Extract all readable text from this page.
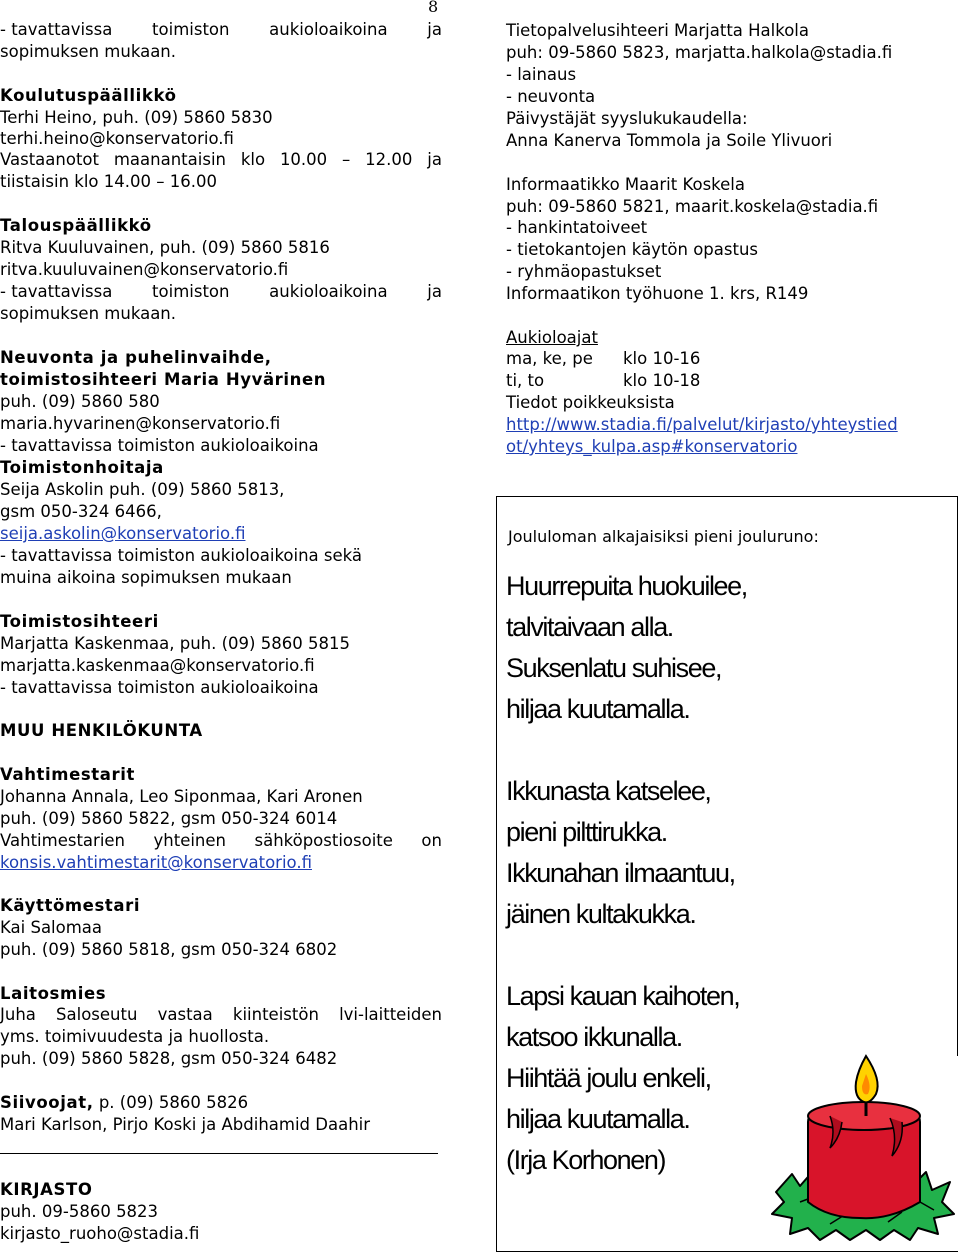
8
- tavattavissa toimiston aukioloaikoina ja
sopimuksen mukaan.
Koulutuspäällikkö
Terhi Heino, puh. (09) 5860 5830
terhi.heino@konservatorio.fi
Vastaanotot maanantaisin klo 10.00 – 12.00 ja
tiistaisin klo 14.00 – 16.00
Talouspäällikkö
Ritva Kuuluvainen, puh. (09) 5860 5816
ritva.kuuluvainen@konservatorio.fi
- tavattavissa toimiston aukioloaikoina ja
sopimuksen mukaan.
Neuvonta ja puhelinvaihde,
toimistosihteeri Maria Hyvärinen
puh. (09) 5860 580
maria.hyvarinen@konservatorio.fi
- tavattavissa toimiston aukioloaikoina
Toimistonhoitaja
Seija Askolin puh. (09) 5860 5813,
gsm 050-324 6466,
seija.askolin@konservatorio.fi
- tavattavissa toimiston aukioloaikoina sekä
muina aikoina sopimuksen mukaan
Toimistosihteeri
Marjatta Kaskenmaa, puh. (09) 5860 5815
marjatta.kaskenmaa@konservatorio.fi
- tavattavissa toimiston aukioloaikoina
MUU HENKILÖKUNTA
Vahtimestarit
Johanna Annala, Leo Siponmaa, Kari Aronen
puh. (09) 5860 5822, gsm 050-324 6014
Vahtimestarien yhteinen sähköpostiosoite on
konsis.vahtimestarit@konservatorio.fi
Käyttömestari
Kai Salomaa
puh. (09) 5860 5818, gsm 050-324 6802
Laitosmies
Juha Saloseutu vastaa kiinteistön lvi-laitteiden
yms. toimivuudesta ja huollosta.
puh. (09) 5860 5828, gsm 050-324 6482
Siivoojat, p. (09) 5860 5826
Mari Karlson, Pirjo Koski ja Abdihamid Daahir
KIRJASTO
puh. 09-5860 5823
kirjasto_ruoho@stadia.fi
Tietopalvelusihteeri Marjatta Halkola
puh: 09-5860 5823, marjatta.halkola@stadia.fi
- lainaus
- neuvonta
Päivystäjät syyslukukaudella:
Anna Kanerva Tommola ja Soile Ylivuori
Informaatikko Maarit Koskela
puh: 09-5860 5821, maarit.koskela@stadia.fi
- hankintatoiveet
- tietokantojen käytön opastus
- ryhmäopastukset
Informaatikon työhuone 1. krs, R149
Aukioloajat
ma, ke, pe	klo 10-16
ti, to	klo 10-18
Tiedot poikkeuksista
http://www.stadia.fi/palvelut/kirjasto/yhteystied
ot/yhteys_kulpa.asp#konservatorio
Joululoman alkajaisiksi pieni jouluruno:
Huurrepuita huokuilee,
talvitaivaan alla.
Suksenlatu suhisee,
hiljaa kuutamalla.
Ikkunasta katselee,
pieni pilttirukka.
Ikkunahan ilmaantuu,
jäinen kultakukka.
Lapsi kauan kaihoten,
katsoo ikkunalla.
Hiihtää joulu enkeli,
hiljaa kuutamalla.
(Irja Korhonen)
